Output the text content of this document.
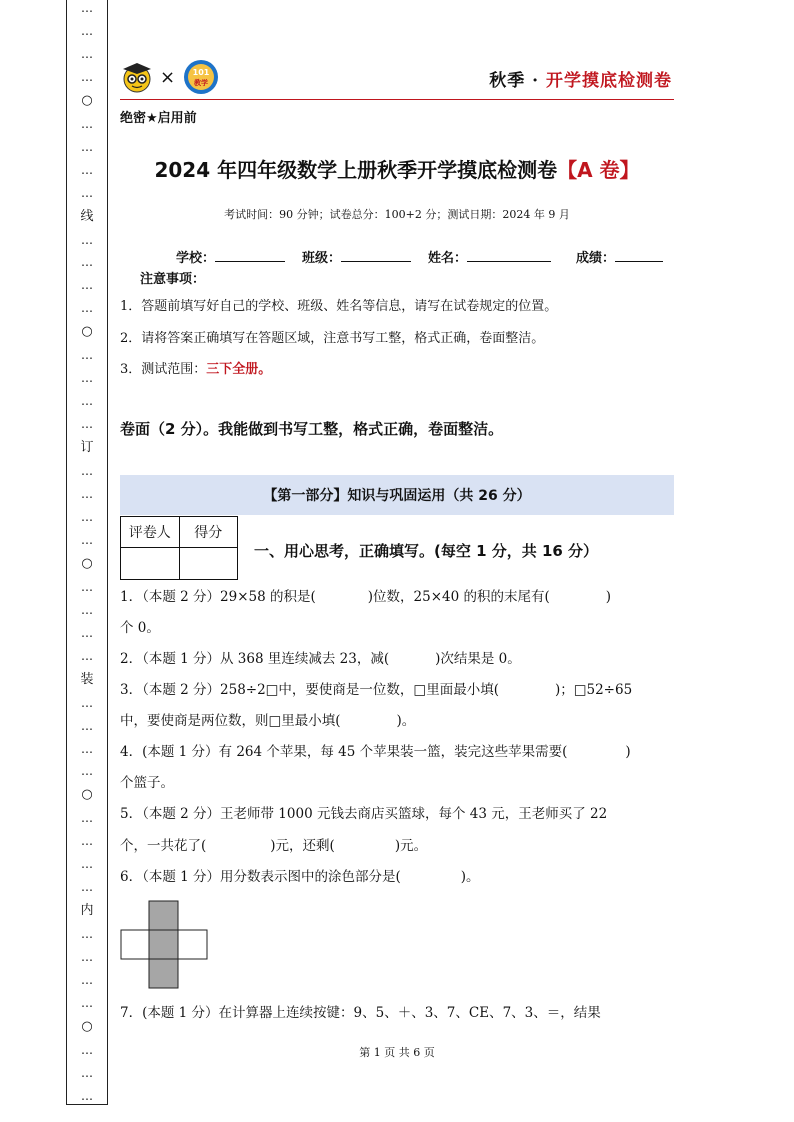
…
…
…
…
○
…
…
…
…
线
…
…
…
…
○
…
…
…
…
订
…
…
…
…
○
…
…
…
…
装
…
…
…
…
○
…
…
…
…
内
…
…
…
…
○
…
…
…
× 101
教学	秋季 · 开学摸底检测卷
绝密★启用前
2024 年四年级数学上册秋季开学摸底检测卷【A 卷】
考试时间：90 分钟；试卷总分：100+2 分；测试日期：2024 年 9 月
学校：	班级：	姓名：	成绩：
注意事项：
1．答题前填写好自己的学校、班级、姓名等信息，请写在试卷规定的位置。
2．请将答案正确填写在答题区域，注意书写工整，格式正确，卷面整洁。
3．测试范围：三下全册。
卷面（2 分）。我能做到书写工整，格式正确，卷面整洁。
【第一部分】知识与巩固运用（共 26 分）
评卷人	得分
一、用心思考，正确填写。(每空 1 分，共 16 分）
1．（本题 2 分）29×58 的积是(	)位数，25×40 的积的末尾有(	)
个 0。
2．（本题 1 分）从 368 里连续减去 23，减(	)次结果是 0。
3．（本题 2 分）258÷2□中，要使商是一位数，□里面最小填(	)；□52÷65
中，要使商是两位数，则□里最小填(	)。
4．(本题 1 分）有 264 个苹果，每 45 个苹果装一篮，装完这些苹果需要(	)
个篮子。
5．（本题 2 分）王老师带 1000 元钱去商店买篮球，每个 43 元，王老师买了 22
个，一共花了(	)元，还剩(	)元。
6．（本题 1 分）用分数表示图中的涂色部分是(	)。
7．(本题 1 分）在计算器上连续按键：9、5、＋、3、7、CE、7、3、＝，结果
第 1 页 共 6 页
